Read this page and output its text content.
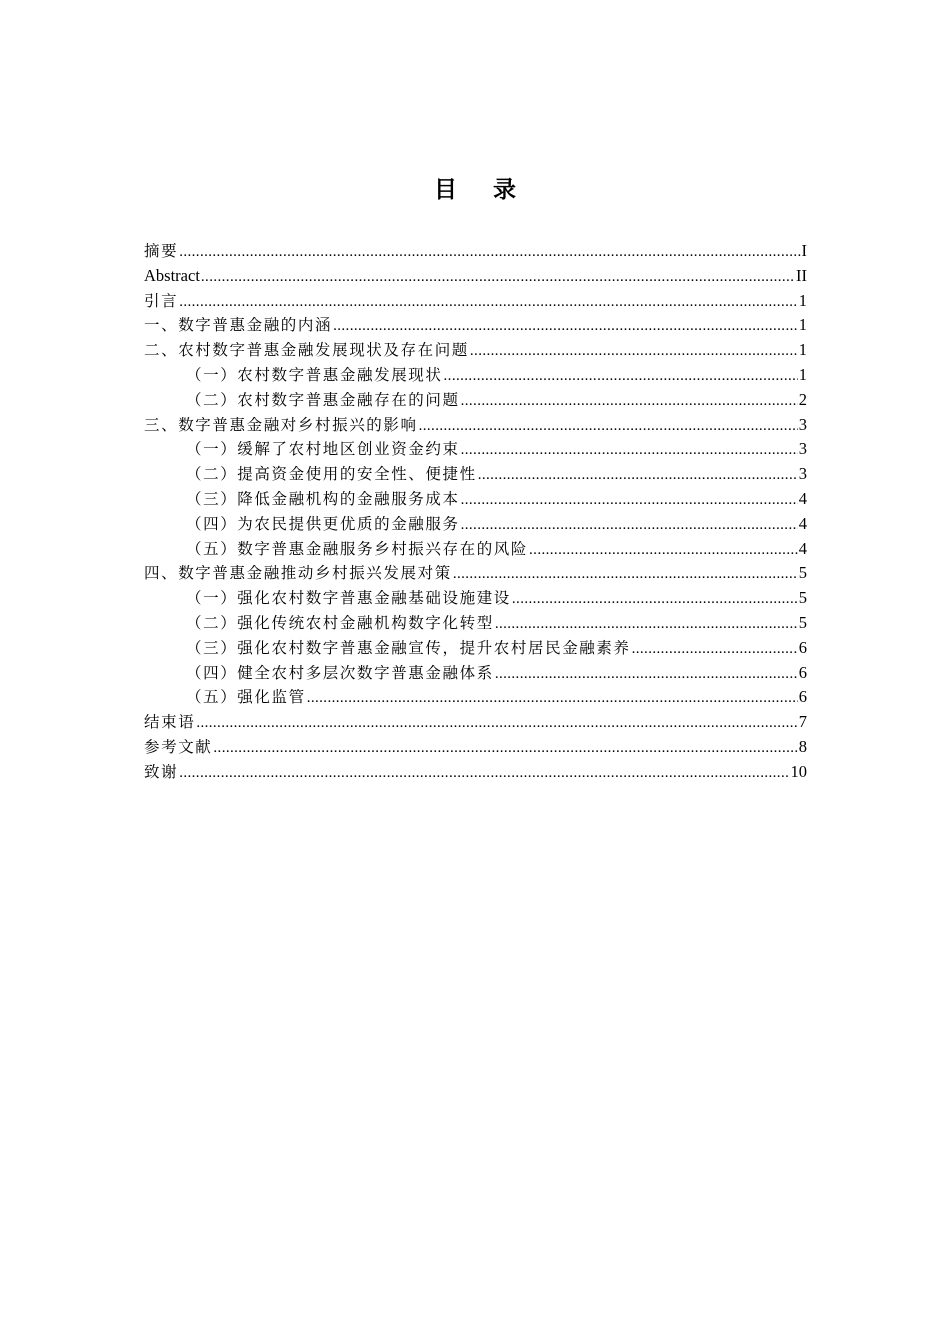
目 录
摘要 .....	I
Abstract .....	II
引言 .....	1
一、数字普惠金融的内涵 .....	1
二、农村数字普惠金融发展现状及存在问题 .....	1
（一）农村数字普惠金融发展现状 .....	1
（二）农村数字普惠金融存在的问题 .....	2
三、数字普惠金融对乡村振兴的影响 .....	3
（一）缓解了农村地区创业资金约束 .....	3
（二）提高资金使用的安全性、便捷性 .....	3
（三）降低金融机构的金融服务成本 .....	4
（四）为农民提供更优质的金融服务 .....	4
（五）数字普惠金融服务乡村振兴存在的风险 .....	4
四、数字普惠金融推动乡村振兴发展对策 .....	5
（一）强化农村数字普惠金融基础设施建设 .....	5
（二）强化传统农村金融机构数字化转型 .....	5
（三）强化农村数字普惠金融宣传，提升农村居民金融素养 .....	6
（四）健全农村多层次数字普惠金融体系 .....	6
（五）强化监管 .....	6
结束语 .....	7
参考文献 .....	8
致谢 .....	10
